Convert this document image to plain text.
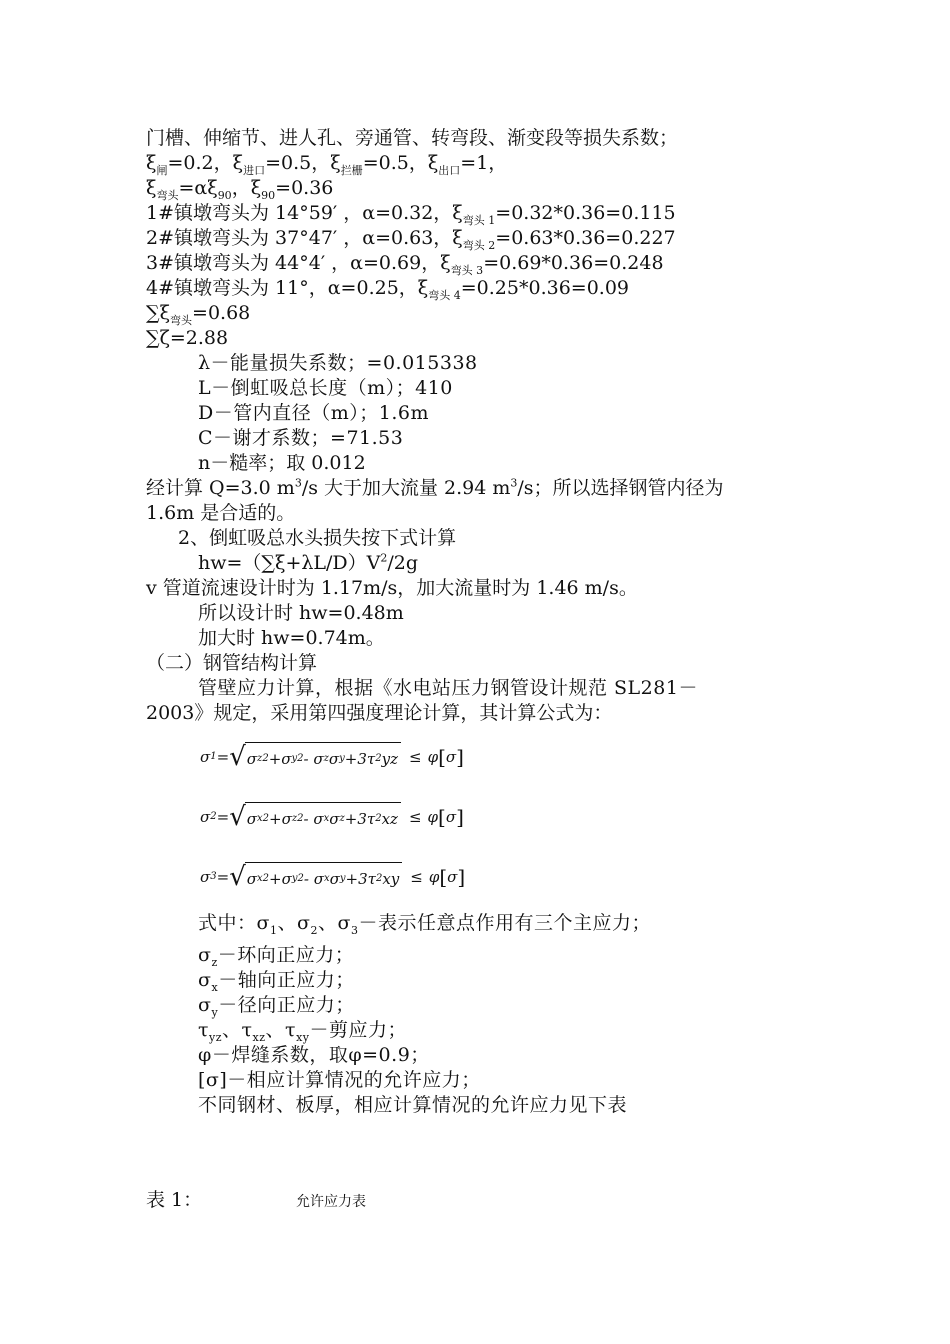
门槽、伸缩节、进人孔、旁通管、转弯段、渐变段等损失系数；
$\xi_闸=0.2$，$\xi_{进口}=0.5$，$\xi_{拦栅}=0.5$，$\xi_{出口}=1$，
$\xi_{弯头}=\alpha\xi_{90}$，$\xi_{90}=0.36$
1#镇墩弯头为 14°59′ ，α=0.32，$\xi_{弯头 1}=0.32*0.36=0.115$
2#镇墩弯头为 37°47′ ，α=0.63，$\xi_{弯头 2}=0.63*0.36=0.227$
3#镇墩弯头为 44°4′ ，α=0.69，$\xi_{弯头 3}=0.69*0.36=0.248$
4#镇墩弯头为 11°，α=0.25，$\xi_{弯头 4}=0.25*0.36=0.09$
$\sum\xi_{弯头}=0.68$
∑ζ=2.88
λ－能量损失系数；=0.015338
L－倒虹吸总长度（m）；410
D－管内直径（m）；1.6m
C－谢才系数；=71.53
n－糙率；取 0.012
经计算 Q=3.0 $m^3/s$ 大于加大流量 2.94 $m^3/s$；所以选择钢管内径为
1.6m 是合适的。
2、倒虹吸总水头损失按下式计算
$hw=(\sum\xi+\lambda L/D)V^2/2g$
v 管道流速设计时为 1.17m/s，加大流量时为 1.46 m/s。
所以设计时 hw=0.48m
加大时 hw=0.74m。
（二）钢管结构计算
管壁应力计算，根据《水电站压力钢管设计规范 SL281－
2003》规定，采用第四强度理论计算，其计算公式为：
σ 1 = √ σ z 2 +σ y 2 - σ z σ y +3τ 2 yz ≤ φ [ σ ]
σ 2 = √ σ x 2 +σ z 2 - σ x σ z +3τ 2 xz ≤ φ [ σ ]
σ 3 = √ σ x 2 +σ y 2 - σ x σ y +3τ 2 xy ≤ φ [ σ ]
式中：$\sigma_1$、$\sigma_2$、$\sigma_3-$表示任意点作用有三个主应力；
$\sigma_z-$环向正应力；
$\sigma_x-$轴向正应力；
$\sigma_y-$径向正应力；
$\tau_{yz}$、$\tau_{xz}$、$\tau_{xy}-$剪应力；
φ－焊缝系数，取φ=0.9；
[σ]－相应计算情况的允许应力；
不同钢材、板厚，相应计算情况的允许应力见下表
表 1：	允许应力表
